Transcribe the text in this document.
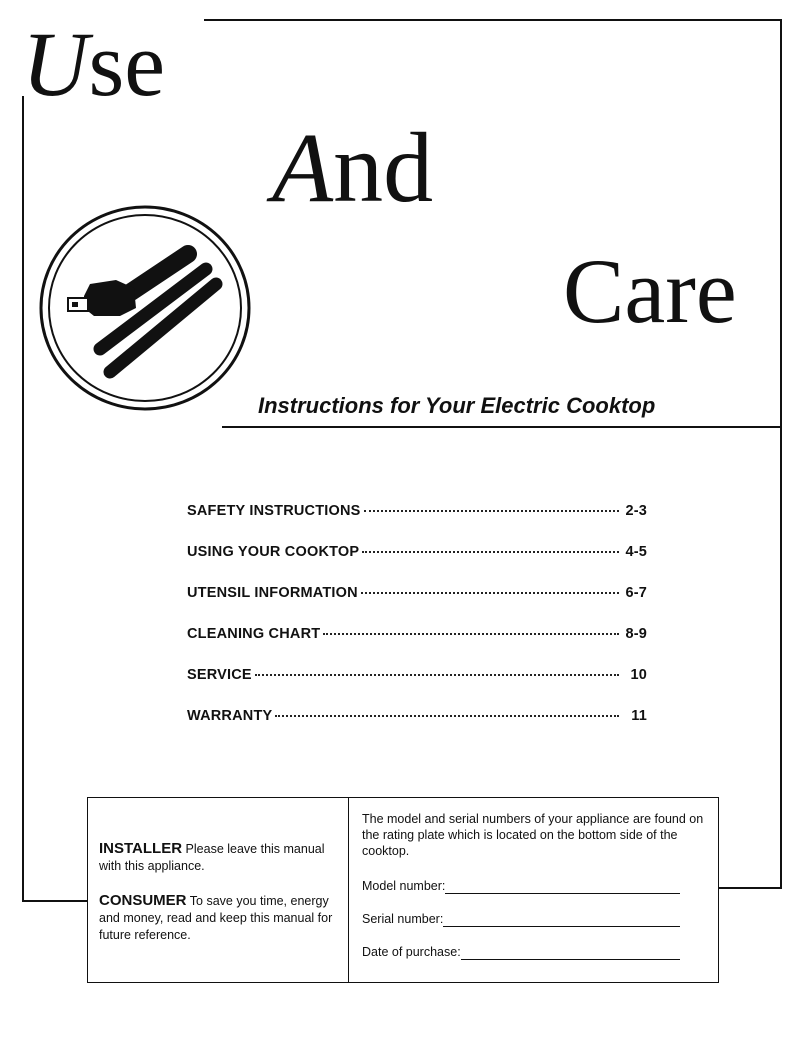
Use
And
Care
Instructions for Your Electric Cooktop
SAFETY INSTRUCTIONS	2-3
USING YOUR COOKTOP	4-5
UTENSIL INFORMATION	6-7
CLEANING CHART	8-9
SERVICE	10
WARRANTY	11

INSTALLER Please leave this manual with this appliance.

CONSUMER To save you time, energy and money, read and keep this manual for future reference.

The model and serial numbers of your appliance are found on the rating plate which is located on the bottom side of the cooktop.

Model number:
Serial number:
Date of purchase:
